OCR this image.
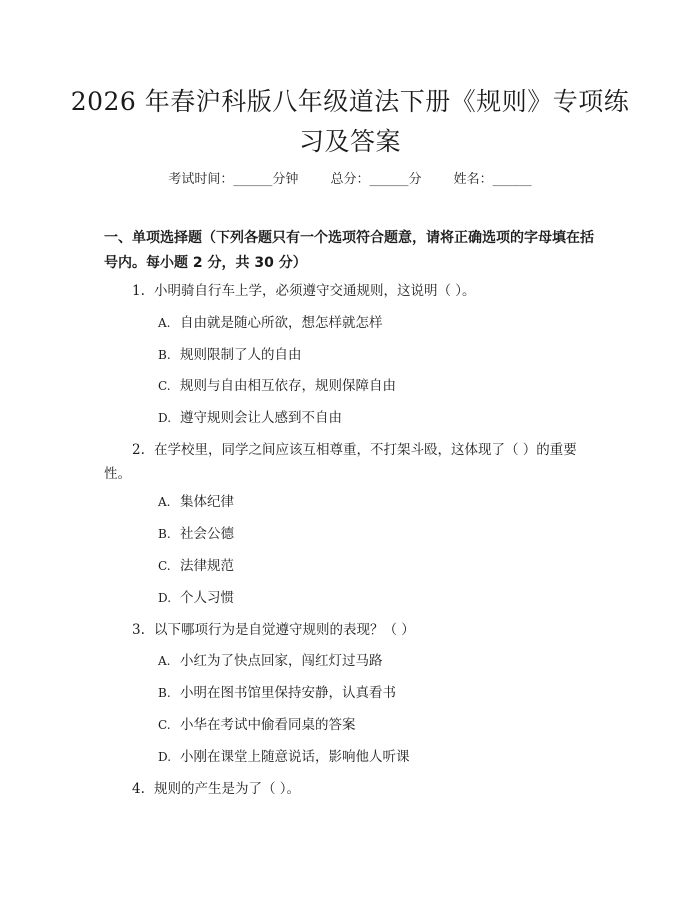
2026 年春沪科版八年级道法下册《规则》专项练习及答案
考试时间：______分钟 总分：______分 姓名：______
一、单项选择题（下列各题只有一个选项符合题意，请将正确选项的字母填在括号内。每小题 2 分，共 30 分）
1. 小明骑自行车上学，必须遵守交通规则，这说明（ ）。
A. 自由就是随心所欲，想怎样就怎样
B. 规则限制了人的自由
C. 规则与自由相互依存，规则保障自由
D. 遵守规则会让人感到不自由
2. 在学校里，同学之间应该互相尊重，不打架斗殴，这体现了（ ）的重要性。
A. 集体纪律
B. 社会公德
C. 法律规范
D. 个人习惯
3. 以下哪项行为是自觉遵守规则的表现？（ ）
A. 小红为了快点回家，闯红灯过马路
B. 小明在图书馆里保持安静，认真看书
C. 小华在考试中偷看同桌的答案
D. 小刚在课堂上随意说话，影响他人听课
4. 规则的产生是为了（ ）。
